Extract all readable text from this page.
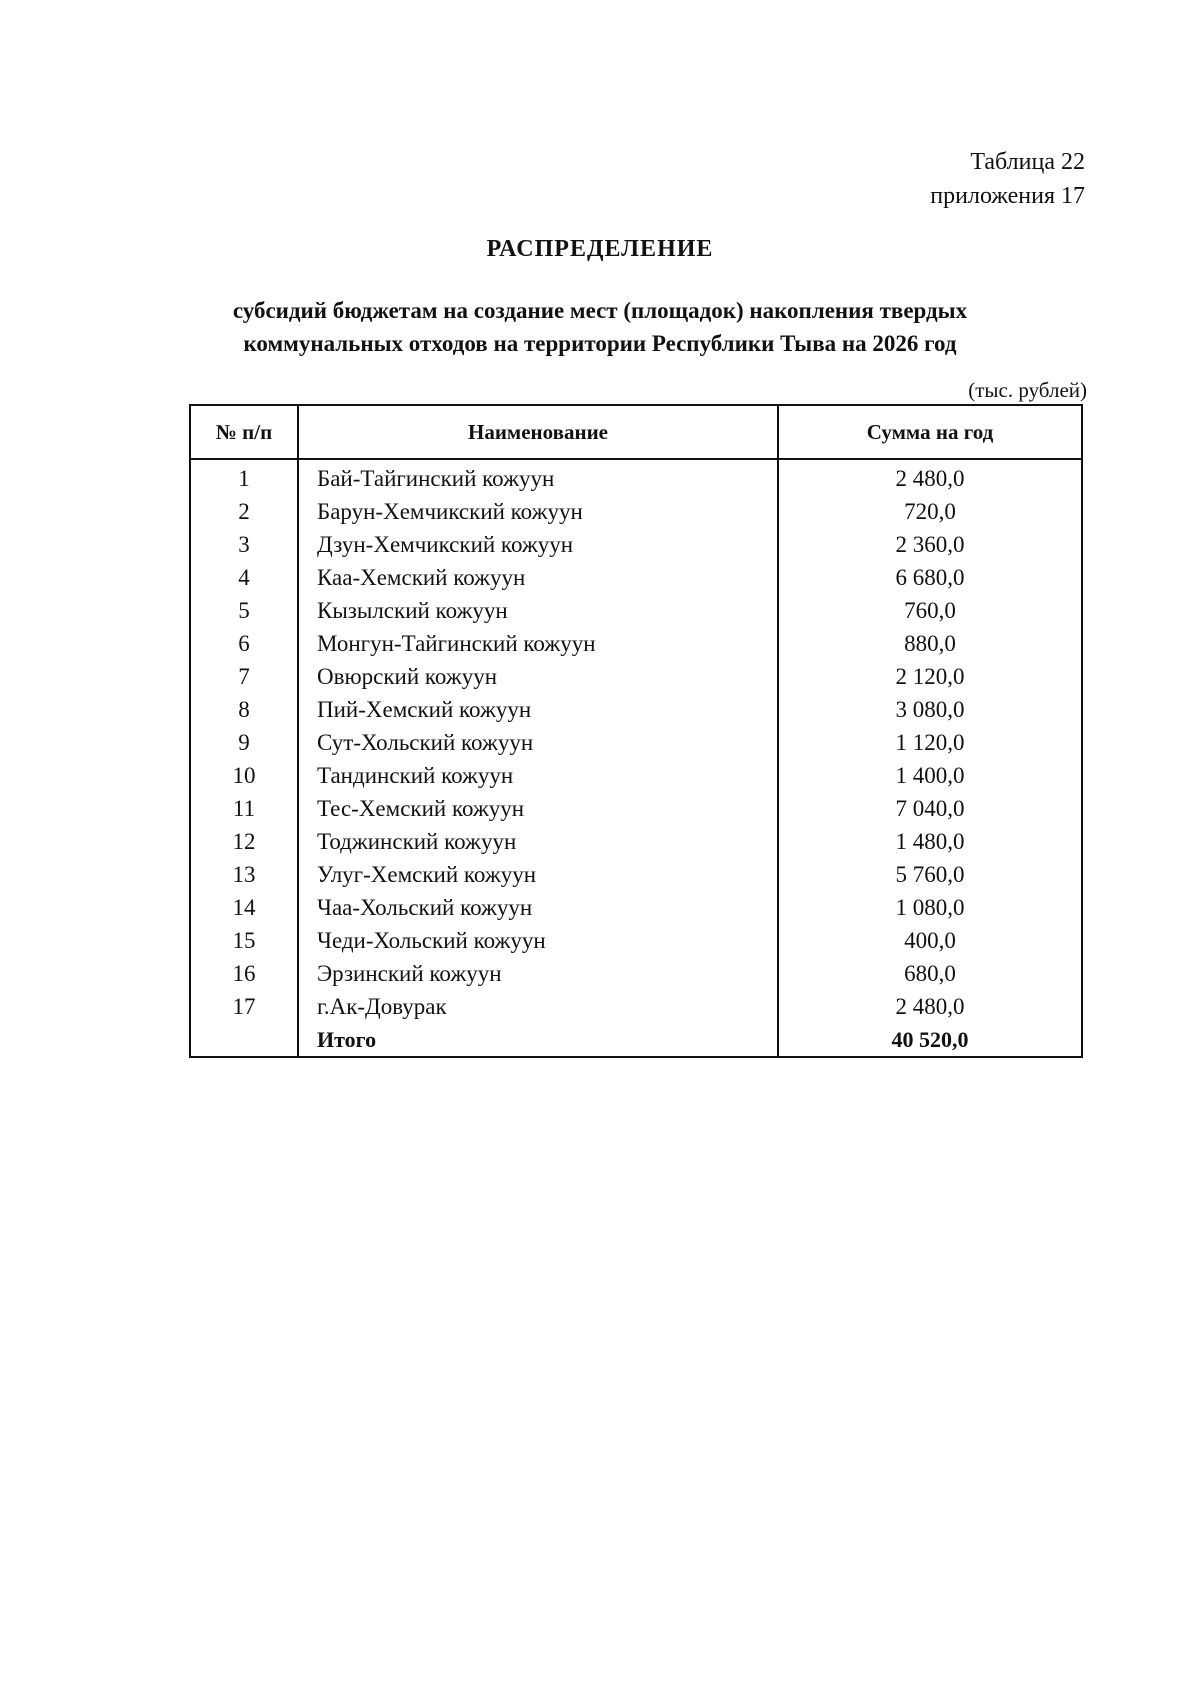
Таблица 22
приложения 17
РАСПРЕДЕЛЕНИЕ
субсидий бюджетам на создание мест (площадок) накопления твердых
коммунальных отходов на территории Республики Тыва на 2026 год
(тыс. рублей)
№ п/п	Наименование	Сумма на год
1	Бай-Тайгинский кожуун	2 480,0
2	Барун-Хемчикский кожуун	720,0
3	Дзун-Хемчикский кожуун	2 360,0
4	Каа-Хемский кожуун	6 680,0
5	Кызылский кожуун	760,0
6	Монгун-Тайгинский кожуун	880,0
7	Овюрский кожуун	2 120,0
8	Пий-Хемский кожуун	3 080,0
9	Сут-Хольский кожуун	1 120,0
10	Тандинский кожуун	1 400,0
11	Тес-Хемский кожуун	7 040,0
12	Тоджинский кожуун	1 480,0
13	Улуг-Хемский кожуун	5 760,0
14	Чаа-Хольский кожуун	1 080,0
15	Чеди-Хольский кожуун	400,0
16	Эрзинский кожуун	680,0
17	г.Ак-Довурак	2 480,0
	Итого	40 520,0
